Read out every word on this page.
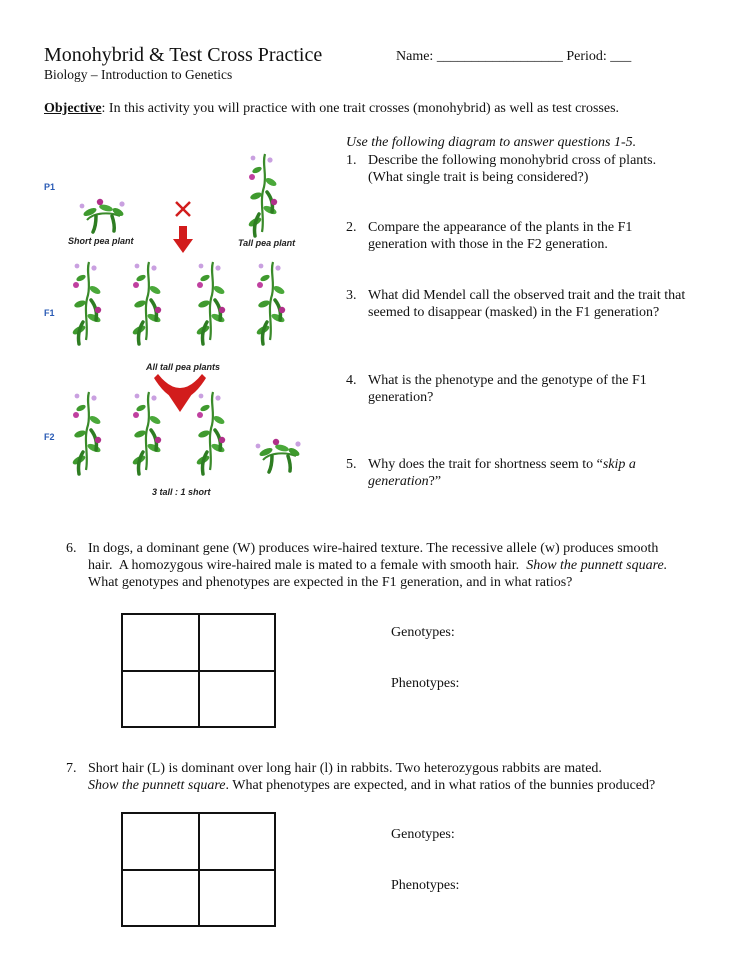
Monohybrid & Test Cross Practice
Biology – Introduction to Genetics
Name: __________________ Period: ___
Objective: In this activity you will practice with one trait crosses (monohybrid) as well as test crosses.
P1
Short pea plant	Tall pea plant
F1
All tall pea plants
F2
3 tall : 1 short
Use the following diagram to answer questions 1-5.
1. Describe the following monohybrid cross of plants.
(What single trait is being considered?)
2. Compare the appearance of the plants in the F1
generation with those in the F2 generation.
3. What did Mendel call the observed trait and the trait that
seemed to disappear (masked) in the F1 generation?
4. What is the phenotype and the genotype of the F1
generation?
5. Why does the trait for shortness seem to “skip a
generation?”
6. In dogs, a dominant gene (W) produces wire-haired texture. The recessive allele (w) produces smooth
hair.  A homozygous wire-haired male is mated to a female with smooth hair.  Show the punnett square.
What genotypes and phenotypes are expected in the F1 generation, and in what ratios?
Genotypes:
Phenotypes:
7. Short hair (L) is dominant over long hair (l) in rabbits. Two heterozygous rabbits are mated.
Show the punnett square. What phenotypes are expected, and in what ratios of the bunnies produced?
Genotypes:
Phenotypes:
